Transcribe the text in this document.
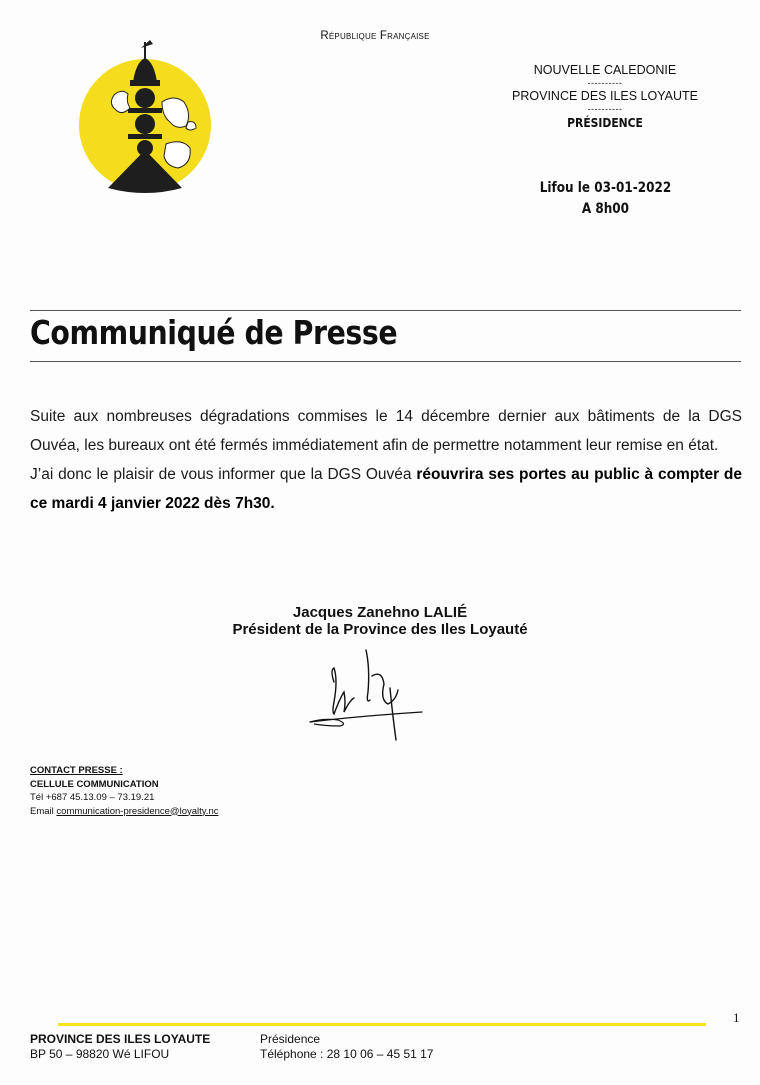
République Française
NOUVELLE CALEDONIE
----------
PROVINCE DES ILES LOYAUTE
----------
PRÉSIDENCE
Lifou le 03-01-2022
A 8h00
Communiqué de Presse

Suite aux nombreuses dégradations commises le 14 décembre dernier aux bâtiments de la DGS Ouvéa, les bureaux ont été fermés immédiatement afin de permettre notamment leur remise en état.

J’ai donc le plaisir de vous informer que la DGS Ouvéa réouvrira ses portes au public à compter de ce mardi 4 janvier 2022 dès 7h30.

Jacques Zanehno LALIÉ
Président de la Province des Iles Loyauté
CONTACT PRESSE :
CELLULE COMMUNICATION
Tél +687 45.13.09 – 73.19.21
Email communication-presidence@loyalty.nc
1
PROVINCE DES ILES LOYAUTE
BP 50 – 98820 Wé LIFOU
Présidence
Téléphone : 28 10 06 – 45 51 17
